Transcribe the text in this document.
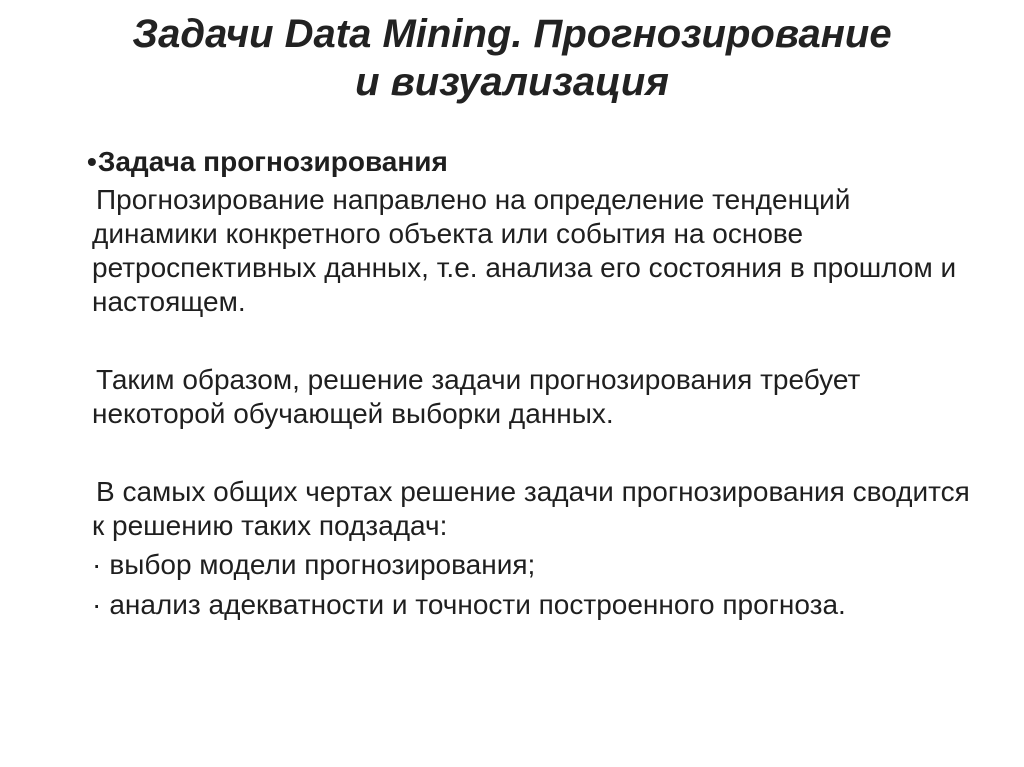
Задачи Data Mining. Прогнозирование
и визуализация
•Задача прогнозирования

Прогнозирование направлено на определение тенденций динамики конкретного объекта или события на основе ретроспективных данных, т.е. анализа его состояния в прошлом и настоящем.

Таким образом, решение задачи прогнозирования требует некоторой обучающей выборки данных.

В самых общих чертах решение задачи прогнозирования сводится к решению таких подзадач:

· выбор модели прогнозирования;
· анализ адекватности и точности построенного прогноза.
